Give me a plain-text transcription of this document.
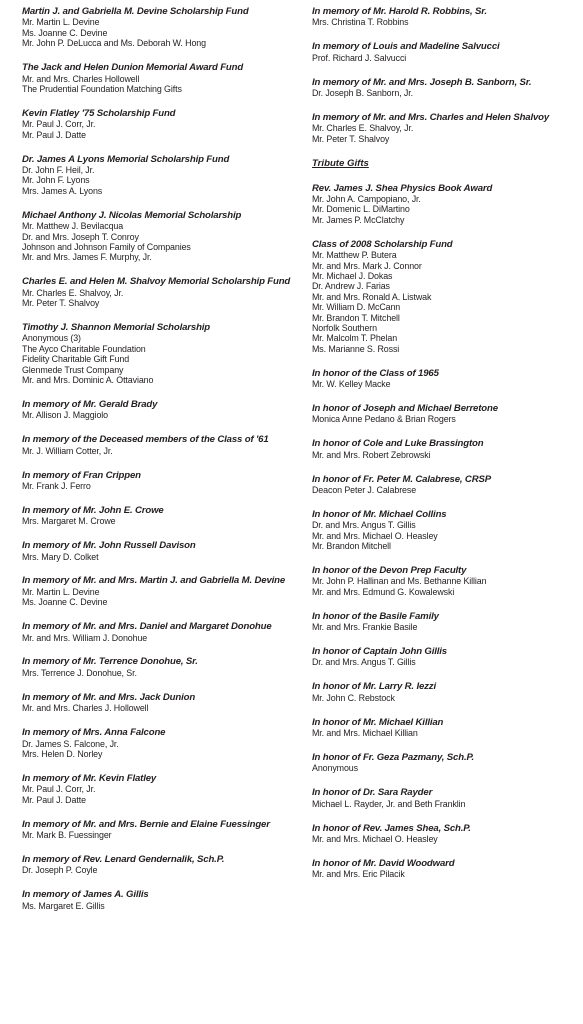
Martin J. and Gabriella M. Devine Scholarship Fund
Mr. Martin L. Devine
Ms. Joanne C. Devine
Mr. John P. DeLucca and Ms. Deborah W. Hong
The Jack and Helen Dunion Memorial Award Fund
Mr. and Mrs. Charles Hollowell
The Prudential Foundation Matching Gifts
Kevin Flatley '75 Scholarship Fund
Mr. Paul J. Corr, Jr.
Mr. Paul J. Datte
Dr. James A Lyons Memorial Scholarship Fund
Dr. John F. Heil, Jr.
Mr. John F. Lyons
Mrs. James A. Lyons
Michael Anthony J. Nicolas Memorial Scholarship
Mr. Matthew J. Bevilacqua
Dr. and Mrs. Joseph T. Conroy
Johnson and Johnson Family of Companies
Mr. and Mrs. James F. Murphy, Jr.
Charles E. and Helen M. Shalvoy Memorial Scholarship Fund
Mr. Charles E. Shalvoy, Jr.
Mr. Peter T. Shalvoy
Timothy J. Shannon Memorial Scholarship
Anonymous (3)
The Ayco Charitable Foundation
Fidelity Charitable Gift Fund
Glenmede Trust Company
Mr. and Mrs. Dominic A. Ottaviano
In memory of Mr. Gerald Brady
Mr. Allison J. Maggiolo
In memory of the Deceased members of the Class of '61
Mr. J. William Cotter, Jr.
In memory of Fran Crippen
Mr. Frank J. Ferro
In memory of Mr. John E. Crowe
Mrs. Margaret M. Crowe
In memory of Mr. John Russell Davison
Mrs. Mary D. Colket
In memory of Mr. and Mrs. Martin J. and Gabriella M. Devine
Mr. Martin L. Devine
Ms. Joanne C. Devine
In memory of Mr. and Mrs. Daniel and Margaret Donohue
Mr. and Mrs. William J. Donohue
In memory of Mr. Terrence Donohue, Sr.
Mrs. Terrence J. Donohue, Sr.
In memory of Mr. and Mrs. Jack Dunion
Mr. and Mrs. Charles J. Hollowell
In memory of Mrs. Anna Falcone
Dr. James S. Falcone, Jr.
Mrs. Helen D. Norley
In memory of Mr. Kevin Flatley
Mr. Paul J. Corr, Jr.
Mr. Paul J. Datte
In memory of Mr. and Mrs. Bernie and Elaine Fuessinger
Mr. Mark B. Fuessinger
In memory of Rev. Lenard Gendernalik, Sch.P.
Dr. Joseph P. Coyle
In memory of James A. Gillis
Ms. Margaret E. Gillis
In memory of Mr. Harold R. Robbins, Sr.
Mrs. Christina T. Robbins
In memory of Louis and Madeline Salvucci
Prof. Richard J. Salvucci
In memory of Mr. and Mrs. Joseph B. Sanborn, Sr.
Dr. Joseph B. Sanborn, Jr.
In memory of Mr. and Mrs. Charles and Helen Shalvoy
Mr. Charles E. Shalvoy, Jr.
Mr. Peter T. Shalvoy
Tribute Gifts
Rev. James J. Shea Physics Book Award
Mr. John A. Campopiano, Jr.
Mr. Domenic L. DiMartino
Mr. James P. McClatchy
Class of 2008 Scholarship Fund
Mr. Matthew P. Butera
Mr. and Mrs. Mark J. Connor
Mr. Michael J. Dokas
Dr. Andrew J. Farias
Mr. and Mrs. Ronald A. Listwak
Mr. William D. McCann
Mr. Brandon T. Mitchell
Norfolk Southern
Mr. Malcolm T. Phelan
Ms. Marianne S. Rossi
In honor of the Class of 1965
Mr. W. Kelley Macke
In honor of Joseph and Michael Berretone
Monica Anne Pedano & Brian Rogers
In honor of Cole and Luke Brassington
Mr. and Mrs. Robert Zebrowski
In honor of Fr. Peter M. Calabrese, CRSP
Deacon Peter J. Calabrese
In honor of Mr. Michael Collins
Dr. and Mrs. Angus T. Gillis
Mr. and Mrs. Michael O. Heasley
Mr. Brandon Mitchell
In honor of the Devon Prep Faculty
Mr. John P. Hallinan and Ms. Bethanne Killian
Mr. and Mrs. Edmund G. Kowalewski
In honor of the Basile Family
Mr. and Mrs. Frankie Basile
In honor of Captain John Gillis
Dr. and Mrs. Angus T. Gillis
In honor of Mr. Larry R. Iezzi
Mr. John C. Rebstock
In honor of Mr. Michael Killian
Mr. and Mrs. Michael Killian
In honor of Fr. Geza Pazmany, Sch.P.
Anonymous
In honor of Dr. Sara Rayder
Michael L. Rayder, Jr. and Beth Franklin
In honor of Rev. James Shea, Sch.P.
Mr. and Mrs. Michael O. Heasley
In honor of Mr. David Woodward
Mr. and Mrs. Eric Pilacik
